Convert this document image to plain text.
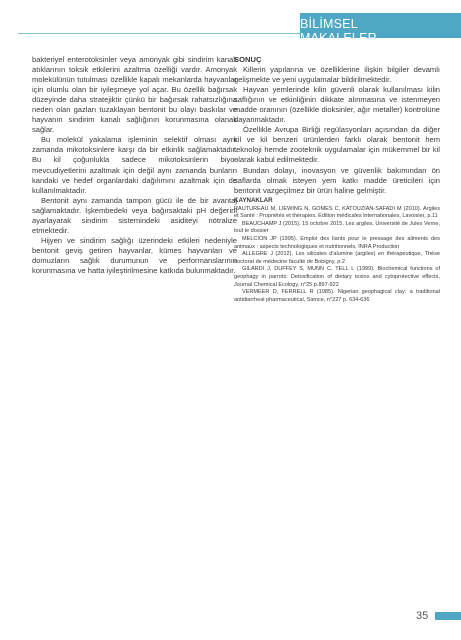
BİLİMSEL MAKALELER

bakteriyel enterotoksinler veya amonyak gibi sindirim kanalı atıklarının toksik etkilerini azaltma özelliği vardır. Amonyak molekülünün tutulması özellikle kapalı mekanlarda hayvanlar için olumlu olan bir iyileşmeye yol açar. Bu özellik bağırsak düzeyinde daha stratejiktir çünkü bir bağırsak rahatsızlığına neden olan gazları tuzaklayan bentonit bu olayı baskılar ve hayvanın sindirim kanalı sağlığının korunmasına olanak sağlar.

Bu molekül yakalama işleminin selektif olması aynı zamanda mikotoksinlere karşı da bir etkinlik sağlamaktadır. Bu kil çoğunlukla sadece mikotoksinlerin biyo-mevcudiyetlerini azaltmak için değil aynı zamanda bunların kandaki ve hedef organlardaki dağılımını azaltmak için de kullanılmaktadır.

Bentonit aynı zamanda tampon gücü ile de bir avantaj sağlamaktadır. İşkembedeki veya bağırsaktaki pH değerini ayarlayarak sindirim sistemindeki asiditeyi nötralize etmektedir.

Hijyen ve sindirim sağlığı üzerindeki etkileri nedeniyle bentonit geviş getiren hayvanlar, kümes hayvanları ve domuzların sağlık durumunun ve performanslarının korunmasına ve hatta iyileştirilmesine katkıda bulunmaktadır.

SONUÇ

Killerin yapılarına ve özelliklerine ilişkin bilgiler devamlı gelişmekte ve yeni uygulamalar bildirilmektedir.

Hayvan yemlerinde kilin güvenli olarak kullanılması kilin saflığının ve etkinliğinin dikkate alınmasına ve istenmeyen madde oranının (özellikle dioksinler, ağır metaller) kontrolüne dayanmaktadır.

Özellikle Avrupa Birliği regülasyonları açısından da diğer kil ve kil benzeri ürünlerden farklı olarak bentonit hem teknoloji hemde zooteknik uygulamalar için mükemmel bir kil olarak kabul edilmektedir.

Bundan dolayı, inovasyon ve güvenlik bakımından ön saflarda olmak isteyen yem katkı madde üreticileri için bentonit vazgeçilmez bir ürün haline gelmiştir.

KAYNAKLAR

RAUTUREAU M, LIEWING N, GOMES C, KATOUZIAN-SAFADI M (2010). Argiles et Santé : Propriétés et thérapies, Edition médicales internationales, Lavoisier, p.11

BEAUCHAMP J (2015). 15 octobre 2015, Les argiles, Université de Jules Verne, tout le dossier

MELCION JP (1995). Emploi des liants pour le pressage des aliments des animaux : aspects technologiques et nutritionnels, INRA Production

ALLEGRE J (2012). Les silicates d'alumine (argiles) en thérapeutique, Thèse doctorat de médecine faculté de Bobigny, p.2

GILARDI J, DUFFEY S, MUNN C, TELL L (1999). Biochemical functions of geophagy in parrots: Detoxification of dietary toxins and cytoprotective effects, Journal Chemical Ecology, n°25 p.897-922

VERMEER D, FERRELL R (1985). Nigerian geophagical clay: a traditional antidiarrheal pharmaceutical, Sience, n°227 p. 634-636

35
